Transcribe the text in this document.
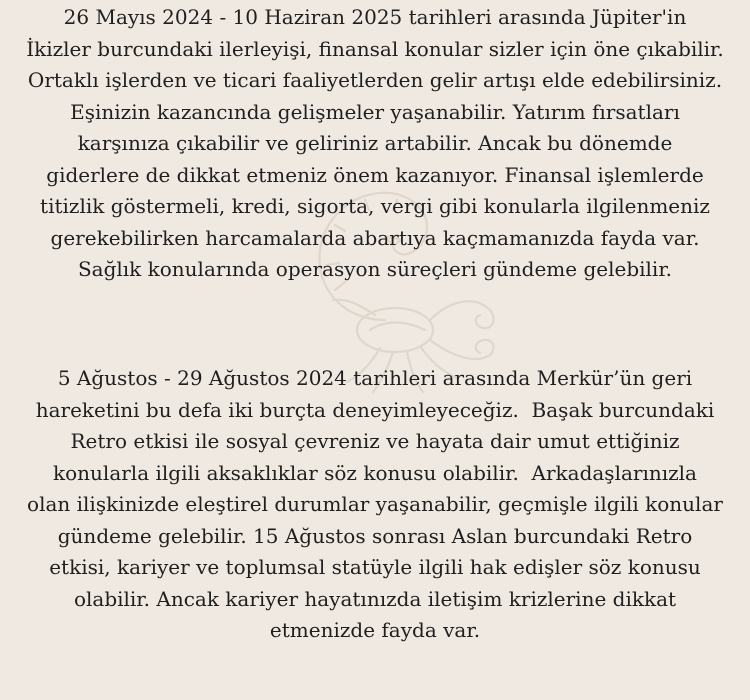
26 Mayıs 2024 - 10 Haziran 2025 tarihleri arasında Jüpiter'in
İkizler burcundaki ilerleyişi, finansal konular sizler için öne çıkabilir.
Ortaklı işlerden ve ticari faaliyetlerden gelir artışı elde edebilirsiniz.
Eşinizin kazancında gelişmeler yaşanabilir. Yatırım fırsatları
karşınıza çıkabilir ve geliriniz artabilir. Ancak bu dönemde
giderlere de dikkat etmeniz önem kazanıyor. Finansal işlemlerde
titizlik göstermeli, kredi, sigorta, vergi gibi konularla ilgilenmeniz
gerekebilirken harcamalarda abartıya kaçmamanızda fayda var.
Sağlık konularında operasyon süreçleri gündeme gelebilir.
5 Ağustos - 29 Ağustos 2024 tarihleri arasında Merkür’ün geri
hareketini bu defa iki burçta deneyimleyeceğiz.  Başak burcundaki
Retro etkisi ile sosyal çevreniz ve hayata dair umut ettiğiniz
konularla ilgili aksaklıklar söz konusu olabilir.  Arkadaşlarınızla
olan ilişkinizde eleştirel durumlar yaşanabilir, geçmişle ilgili konular
gündeme gelebilir. 15 Ağustos sonrası Aslan burcundaki Retro
etkisi, kariyer ve toplumsal statüyle ilgili hak edişler söz konusu
olabilir. Ancak kariyer hayatınızda iletişim krizlerine dikkat
etmenizde fayda var.
